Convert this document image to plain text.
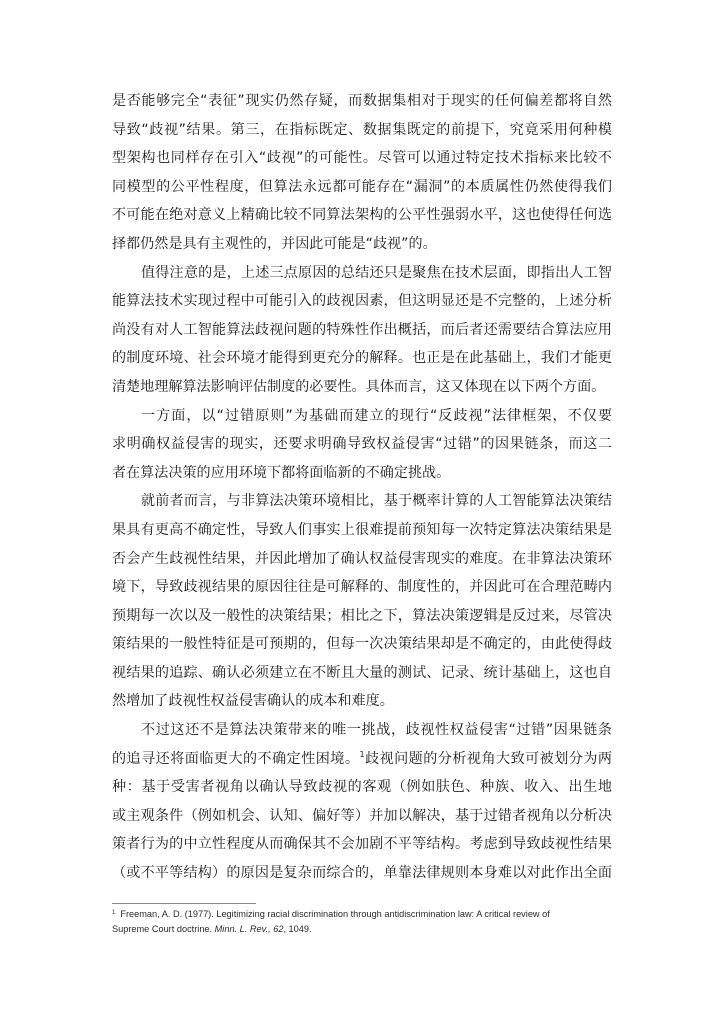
是否能够完全“表征”现实仍然存疑，而数据集相对于现实的任何偏差都将自然
导致“歧视”结果。第三，在指标既定、数据集既定的前提下，究竟采用何种模
型架构也同样存在引入“歧视”的可能性。尽管可以通过特定技术指标来比较不
同模型的公平性程度，但算法永远都可能存在“漏洞”的本质属性仍然使得我们
不可能在绝对意义上精确比较不同算法架构的公平性强弱水平，这也使得任何选
择都仍然是具有主观性的，并因此可能是“歧视”的。
值得注意的是，上述三点原因的总结还只是聚焦在技术层面，即指出人工智
能算法技术实现过程中可能引入的歧视因素，但这明显还是不完整的，上述分析
尚没有对人工智能算法歧视问题的特殊性作出概括，而后者还需要结合算法应用
的制度环境、社会环境才能得到更充分的解释。也正是在此基础上，我们才能更
清楚地理解算法影响评估制度的必要性。具体而言，这又体现在以下两个方面。
一方面，以“过错原则”为基础而建立的现行“反歧视”法律框架，不仅要
求明确权益侵害的现实，还要求明确导致权益侵害“过错”的因果链条，而这二
者在算法决策的应用环境下都将面临新的不确定挑战。
就前者而言，与非算法决策环境相比，基于概率计算的人工智能算法决策结
果具有更高不确定性，导致人们事实上很难提前预知每一次特定算法决策结果是
否会产生歧视性结果，并因此增加了确认权益侵害现实的难度。在非算法决策环
境下，导致歧视结果的原因往往是可解释的、制度性的，并因此可在合理范畴内
预期每一次以及一般性的决策结果；相比之下，算法决策逻辑是反过来，尽管决
策结果的一般性特征是可预期的，但每一次决策结果却是不确定的，由此使得歧
视结果的追踪、确认必须建立在不断且大量的测试、记录、统计基础上，这也自
然增加了歧视性权益侵害确认的成本和难度。
不过这还不是算法决策带来的唯一挑战，歧视性权益侵害“过错”因果链条
的追寻还将面临更大的不确定性困境。$^1$歧视问题的分析视角大致可被划分为两
种：基于受害者视角以确认导致歧视的客观（例如肤色、种族、收入、出生地
或主观条件（例如机会、认知、偏好等）并加以解决，基于过错者视角以分析决
策者行为的中立性程度从而确保其不会加剧不平等结构。考虑到导致歧视性结果
（或不平等结构）的原因是复杂而综合的，单靠法律规则本身难以对此作出全面
$^1$ Freeman, A. D. (1977). Legitimizing racial discrimination through antidiscrimination law: A critical review of
Supreme Court doctrine. Minn. L. Rev., 62, 1049.
